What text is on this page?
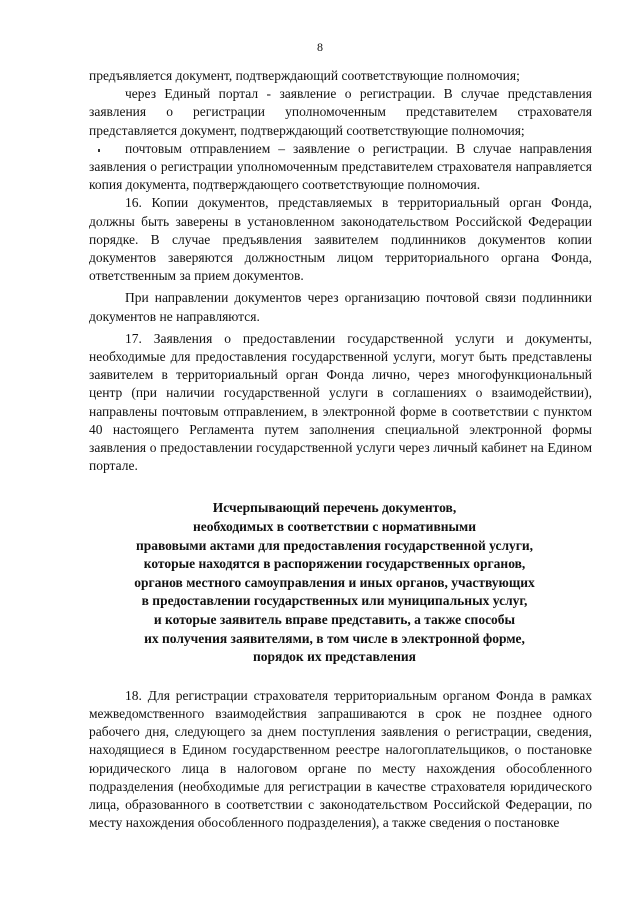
8

предъявляется документ, подтверждающий соответствующие полномочия;

через Единый портал - заявление о регистрации. В случае представления заявления о регистрации уполномоченным представителем страхователя представляется документ, подтверждающий соответствующие полномочия;

почтовым отправлением – заявление о регистрации. В случае направления заявления о регистрации уполномоченным представителем страхователя направляется копия документа, подтверждающего соответствующие полномочия.

16. Копии документов, представляемых в территориальный орган Фонда, должны быть заверены в установленном законодательством Российской Федерации порядке. В случае предъявления заявителем подлинников документов копии документов заверяются должностным лицом территориального органа Фонда, ответственным за прием документов.

При направлении документов через организацию почтовой связи подлинники документов не направляются.

17. Заявления о предоставлении государственной услуги и документы, необходимые для предоставления государственной услуги, могут быть представлены заявителем в территориальный орган Фонда лично, через многофункциональный центр (при наличии государственной услуги в соглашениях о взаимодействии), направлены почтовым отправлением, в электронной форме в соответствии с пунктом 40 настоящего Регламента путем заполнения специальной электронной формы заявления о предоставлении государственной услуги через личный кабинет на Едином портале.

Исчерпывающий перечень документов,
необходимых в соответствии с нормативными
правовыми актами для предоставления государственной услуги,
которые находятся в распоряжении государственных органов,
органов местного самоуправления и иных органов, участвующих
в предоставлении государственных или муниципальных услуг,
и которые заявитель вправе представить, а также способы
их получения заявителями, в том числе в электронной форме,
порядок их представления

18. Для регистрации страхователя территориальным органом Фонда в рамках межведомственного взаимодействия запрашиваются в срок не позднее одного рабочего дня, следующего за днем поступления заявления о регистрации, сведения, находящиеся в Едином государственном реестре налогоплательщиков, о постановке юридического лица в налоговом органе по месту нахождения обособленного подразделения (необходимые для регистрации в качестве страхователя юридического лица, образованного в соответствии с законодательством Российской Федерации, по месту нахождения обособленного подразделения), а также сведения о постановке
